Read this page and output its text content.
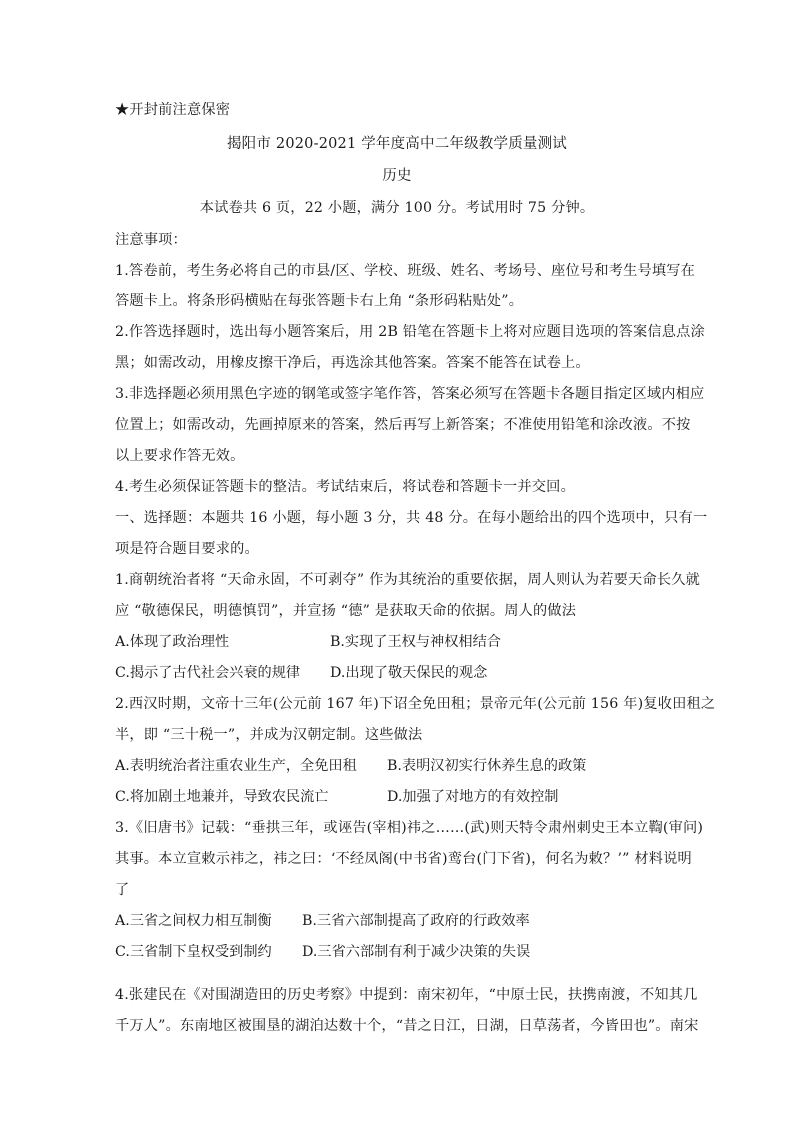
★开封前注意保密
揭阳市 2020-2021 学年度高中二年级教学质量测试
历史
本试卷共 6 页，22 小题，满分 100 分。考试用时 75 分钟。
注意事项：
1.答卷前，考生务必将自己的市县/区、学校、班级、姓名、考场号、座位号和考生号填写在
答题卡上。将条形码横贴在每张答题卡右上角 “条形码粘贴处”。
2.作答选择题时，选出每小题答案后，用 2B 铅笔在答题卡上将对应题目选项的答案信息点涂
黑；如需改动，用橡皮擦干净后，再选涂其他答案。答案不能答在试卷上。
3.非选择题必须用黑色字迹的钢笔或签字笔作答，答案必须写在答题卡各题目指定区域内相应
位置上；如需改动，先画掉原来的答案，然后再写上新答案；不准使用铅笔和涂改液。不按
以上要求作答无效。
4.考生必须保证答题卡的整洁。考试结束后，将试卷和答题卡一并交回。
一、选择题：本题共 16 小题，每小题 3 分，共 48 分。在每小题给出的四个选项中，只有一
项是符合题目要求的。
1.商朝统治者将 “天命永固，不可剥夺” 作为其统治的重要依据，周人则认为若要天命长久就
应 “敬德保民，明德慎罚”，并宣扬 “德” 是获取天命的依据。周人的做法
A.体现了政治理性	B.实现了王权与神权相结合
C.揭示了古代社会兴衰的规律 D.出现了敬天保民的观念
2.西汉时期，文帝十三年(公元前 167 年)下诏全免田租；景帝元年(公元前 156 年)复收田租之
半，即 “三十税一”，并成为汉朝定制。这些做法
A.表明统治者注重农业生产，全免田租 B.表明汉初实行休养生息的政策
C.将加剧土地兼并，导致农民流亡	D.加强了对地方的有效控制
3.《旧唐书》记载：“垂拱三年，或诬告(宰相)祎之……(武)则天特令肃州刺史王本立鞫(审问)
其事。本立宣敕示祎之，祎之曰：‘不经凤阁(中书省)鸾台(门下省)，何名为敕？’” 材料说明
了
A.三省之间权力相互制衡 B.三省六部制提高了政府的行政效率
C.三省制下皇权受到制约 D.三省六部制有利于减少决策的失误
4.张建民在《对围湖造田的历史考察》中提到：南宋初年，“中原士民，扶携南渡，不知其几
千万人”。东南地区被围垦的湖泊达数十个，“昔之日江，日湖，日草荡者，今皆田也”。南宋
